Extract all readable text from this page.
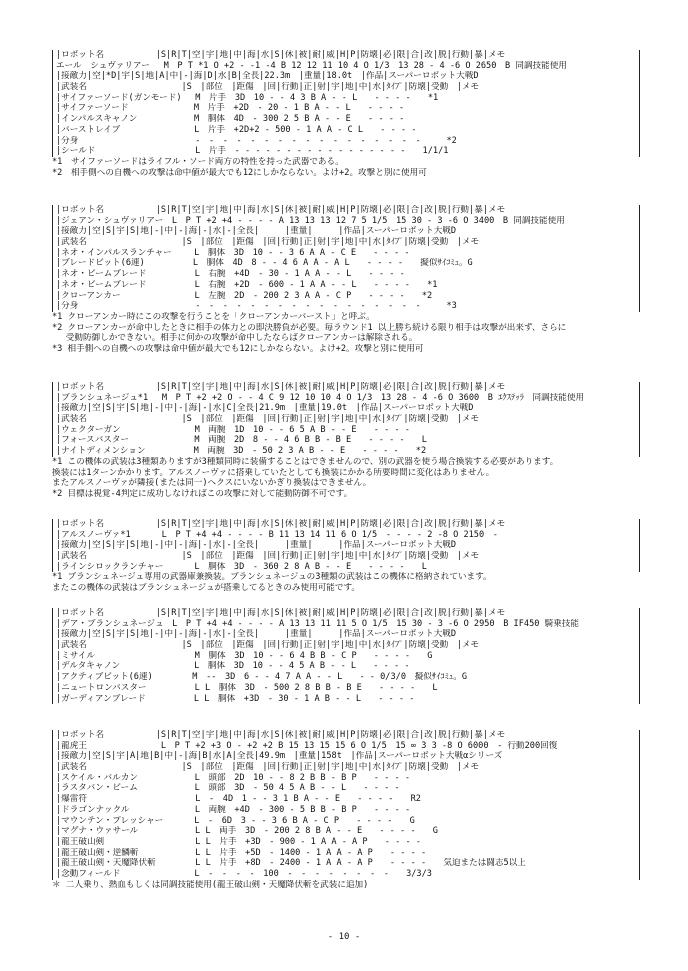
|ロボット名　　　　　　|S|R|T|空|宇|地|中|海|水|S|休|被|耐|威|H|P|防壊|必|限|合|改|脱|行動|暴|メモ
エール　シュヴァリアー　 M　P T *1 O +2 - -1 -4 B 12 12 11 10 4 O 1/3　13 28 - 4 -6 O 2650　B 同調技能使用
|接敵力|空|*D|宇|S|地|A|中|-|海|D|水|B|全長|22.3m　|重量|18.0t　|作品|スーパーロボット大戦D
|武装名　　　　　　　　　　　|S　|部位　|距傷　|回|行動|正|射|宇|地|中|水|ﾀｲﾌﾟ|防壊|受動　|メモ
|サイファーソード(ガンモード)　 M　片手　3D　10 - - 4 3 B A - - L　　- - - -　　*1
|サイファーソード　　　　　　　 M　片手　+2D　- 20 - 1 B A - - L　　- - - -
|インパルスキャノン　　　　　　 M　胴体　4D　- 300 2 5 B A - - E　　- - - -
|バーストレイブ　　　　　　　　 L　片手　+2D+2 - 500 - 1 A A - C L　　- - - -
|分身　　　　　　　　　　　　　 -　-　-　-　-　-　-　-　-　-　-　-　-　-　-　-　-　　　*2
|シールド　　　　　　　　　　　 L　片手　- - - - - - - - - - - - - - - - -　　1/1/1
*1　サイファーソードはライフル・ソード両方の特性を持った武器である。
*2　相手側への自機への攻撃は命中値が最大でも12にしかならない。よけ+2。攻撃と別に使用可
|ロボット名　　　　　　|S|R|T|空|宇|地|中|海|水|S|休|被|耐|威|H|P|防壊|必|限|合|改|脱|行動|暴|メモ
|ジェアン・シュヴァリアー　L　P T +2 +4 - - - - A 13 13 13 12 7 5 1/5　15 30 - 3 -6 O 3400　B 同調技能使用
|接敵力|空|S|宇|S|地|-|中|-|海|-|水|-|全長|　　　|重量|　　　|作品|スーパーロボット大戦D
|武装名　　　　　　　　　　　|S　|部位　|距傷　|回|行動|正|射|宇|地|中|水|ﾀｲﾌﾟ|防壊|受動　|メモ
|ネオ・インパルスランチャー　　 L　胴体　3D　10 - - 3 6 A A - C E　　- - - -
|ブレードビット(6連)　　　　　 L　胴体　4D　8 - - 4 6 A A - A L　　- - - -　　擬似ｻｲｺﾐｭ。G
|ネオ・ビームブレード　　　　　 L　右腕　+4D　- 30 - 1 A A - - L　　- - - -
|ネオ・ビームブレード　　　　　 L　右腕　+2D　- 600 - 1 A A - - L　　- - - -　　*1
|クローアンカー　　　　　　　　 L　左腕　2D　- 200 2 3 A A - C P　　- - - -　　*2
|分身　　　　　　　　　　　　　 -　-　-　-　-　-　-　-　-　-　-　-　-　-　-　-　-　　　*3
*1 クローアンカー時にこの攻撃を行うことを「クローアンカーバースト」と呼ぶ。
*2 クローアンカーが命中したときに相手の体力との即決勝負が必要。毎ラウンド1 以上勝ち続ける限り相手は攻撃が出来ず、さらに
　 受動防御しかできない。相手に何かの攻撃が命中したならばクローアンカーは解除される。
*3 相手側への自機への攻撃は命中値が最大でも12にしかならない。よけ+2。攻撃と別に使用可
|ロボット名　　　　　　|S|R|T|空|宇|地|中|海|水|S|休|被|耐|威|H|P|防壊|必|限|合|改|脱|行動|暴|メモ
|ブランシュネージュ*1　 M　P T +2 +2 O - - 4 C 9 12 10 10 4 O 1/3　13 28 - 4 -6 O 3600　B ｴｸｽﾃｯﾗ　同調技能使用
|接敵力|空|S|宇|S|地|-|中|-|海|-|水|C|全長|21.9m　|重量|19.0t　|作品|スーパーロボット大戦D
|武装名　　　　　　　　　　　|S　|部位　|距傷　|回|行動|正|射|宇|地|中|水|ﾀｲﾌﾟ|防壊|受動　|メモ
|ウェクターガン　　　　　　　　 M　両腕　1D　10 - - 6 5 A B - - E　　- - - -
|フォースバスター　　　　　　　 M　両腕　2D　8 - - 4 6 B B - B E　　- - - -　　L
|ナイトディメンション　　　　　 M　両腕　3D　- 50 2 3 A B - - E　　- - - -　　*2
*1 この機体の武装は3種類ありますが3種類同時に装備することはできませんので、別の武器を使う場合換装する必要があります。
換装には1ターンかかります。アルスノーヴァに搭乗していたとしても換装にかかる所要時間に変化はありません。
またアルスノーヴァが隣接(または同一)ヘクスにいないかぎり換装はできません。
*2 目標は視覚-4判定に成功しなければこの攻撃に対して能動防御不可です。
|ロボット名　　　　　　|S|R|T|空|宇|地|中|海|水|S|休|被|耐|威|H|P|防壊|必|限|合|改|脱|行動|暴|メモ
|アルスノーヴァ*1　　　 L　P T +4 +4 - - - - B 11 13 14 11 6 O 1/5　- - - - 2 -8 O 2150　-
|接敵力|空|S|宇|S|地|-|中|-|海|-|水|-|全長|　　　|重量|　　　|作品|スーパーロボット大戦D
|武装名　　　　　　　　　　　|S　|部位　|距傷　|回|行動|正|射|宇|地|中|水|ﾀｲﾌﾟ|防壊|受動　|メモ
|ラインシロックランチャー　　　 L　胴体　3D　- 360 2 8 A B - - E　　- - - -　　L
*1 ブランシュネージュ専用の武器庫兼換装。ブランシュネージュの3種類の武装はこの機体に格納されています。
またこの機体の武装はブランシュネージュが搭乗してるときのみ使用可能です。
|ロボット名　　　　　　|S|R|T|空|宇|地|中|海|水|S|休|被|耐|威|H|P|防壊|必|限|合|改|脱|行動|暴|メモ
|デア・ブランシュネージュ　L　P T +4 +4 - - - - A 13 13 11 11 5 O 1/5　15 30 - 3 -6 O 2950　B IF450 騎乗技能
|接敵力|空|S|宇|S|地|-|中|-|海|-|水|-|全長|　　　|重量|　　　|作品|スーパーロボット大戦D
|武装名　　　　　　　　　　　|S　|部位　|距傷　|回|行動|正|射|宇|地|中|水|ﾀｲﾌﾟ|防壊|受動　|メモ
|ミサイル　　　　　　　　　　　 M　胴体　3D　10 - - 6 4 B B - C P　　- - - -　　G
|デルタキャノン　　　　　　　　 L　胴体　3D　10 - - 4 5 A B - - L　　- - - -
|アクティブビット(6連)　　　　 M　--　3D　6 - - 4 7 A A - - L　　- - 0/3/0　擬似ｻｲｺﾐｭ。G
|ニュートロンバスター　　　　　 L L　胴体　3D　- 500 2 8 B B - B E　　- - - -　　L
|ガーディアンブレード　　　　　 L L　胴体　+3D　- 30 - 1 A B - - L　　- - - -
|ロボット名　　　　　　|S|R|T|空|宇|地|中|海|水|S|休|被|耐|威|H|P|防壊|必|限|合|改|脱|行動|暴|メモ
|龍虎王　　　　　　　　 L　P T +2 +3 O - +2 +2 B 15 13 15 15 6 O 1/5　15 ∞ 3 3 -8 O 6000　- 行動200回復
|接敵力|空|S|宇|A|地|B|中|-|海|B|水|A|全長|49.9m　|重量|158t　|作品|スーパーロボット大戦αシリーズ
|武装名　　　　　　　　　　　|S　|部位　|距傷　|回|行動|正|射|宇|地|中|水|ﾀｲﾌﾟ|防壊|受動　|メモ
|スケイル・バルカン　　　　　　 L　頭部　2D　10 - - 8 2 B B - B P　　- - - -
|ラスタバン・ビーム　　　　　　 L　頭部　3D　- 50 4 5 A B - - L　　- - - -
|爆雷符　　　　　　　　　　　　 L　-　4D　1 - - 3 1 B A - - E　　- - - -　　R2
|ドラゴンナックル　　　　　　　 L　両腕　+4D　- 300 - 5 B B - B P　　- - - -
|マウンテン・プレッシャー　　　 L　-　6D　3 - - 3 6 B A - C P　　- - - -　　G
|マグナ・ウァサール　　　　　　 L L　両手　3D　- 200 2 8 B A - - E　　- - - -　　G
|龍王破山剣　　　　　　　　　　 L L　片手　+3D　- 900 - 1 A A - A P　　- - - -
|龍王破山剣・逆鱗斬　　　　　　 L L　片手　+5D　- 1400 - 1 A A - A P　　- - - -
|龍王破山剣・天魔降伏斬　　　　 L L　片手　+8D　- 2400 - 1 A A - A P　　- - - -　　気迫または闘志5以上
|念動フィールド　　　　　　　　 L　-　-　-　-　100　-　-　-　-　-　-　-　-　　3/3/3
＊ 二人乗り、熱血もしくは同調技能使用(龍王破山剣・天魔降伏斬を武装に追加)
- 10 -
